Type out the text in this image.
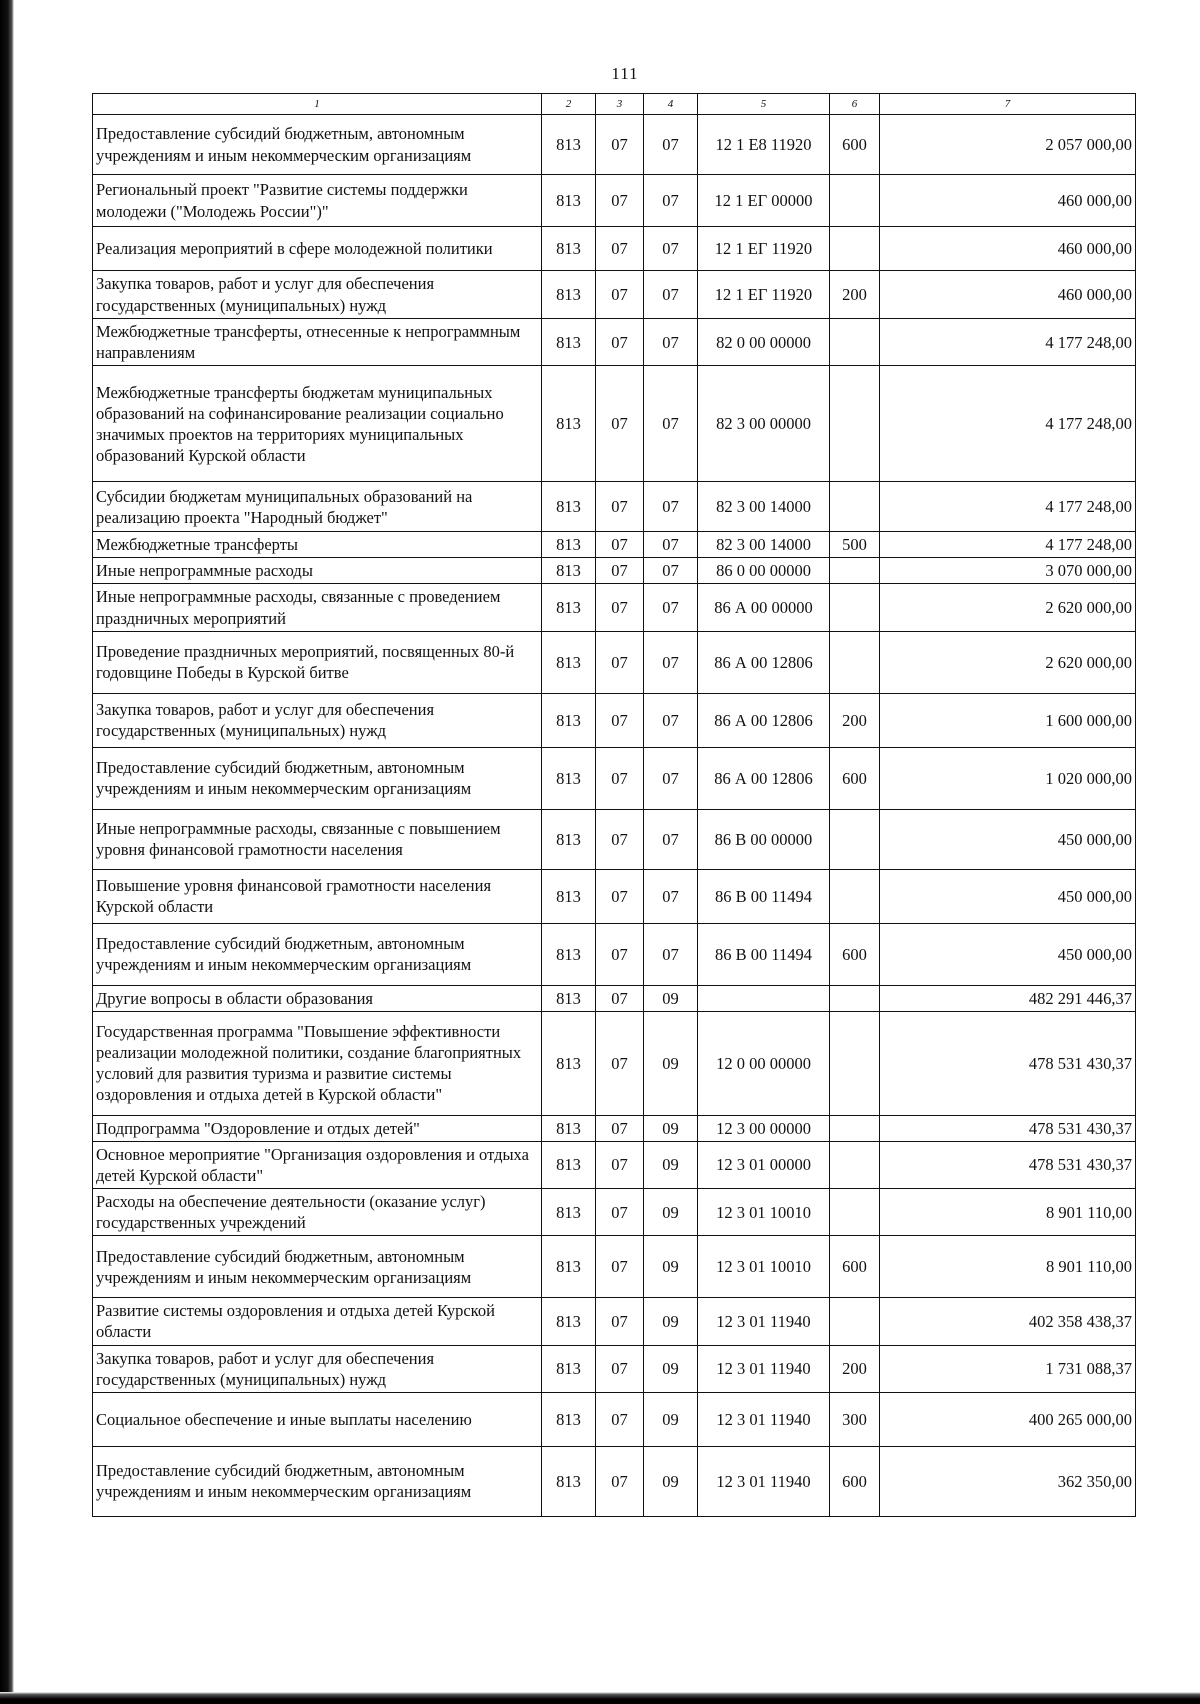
111
1	2	3	4	5	6	7
Предоставление субсидий бюджетным, автономным учреждениям и иным некоммерческим организациям	813	07	07	12 1 Е8 11920	600	2 057 000,00
Региональный проект "Развитие системы поддержки молодежи ("Молодежь России")"	813	07	07	12 1 ЕГ 00000		460 000,00
Реализация мероприятий в сфере молодежной политики	813	07	07	12 1 ЕГ 11920		460 000,00
Закупка товаров, работ и услуг для обеспечения государственных (муниципальных) нужд	813	07	07	12 1 ЕГ 11920	200	460 000,00
Межбюджетные трансферты, отнесенные к непрограммным направлениям	813	07	07	82 0 00 00000		4 177 248,00
Межбюджетные трансферты бюджетам муниципальных образований на софинансирование реализации социально значимых проектов на территориях муниципальных образований Курской области	813	07	07	82 3 00 00000		4 177 248,00
Субсидии бюджетам муниципальных образований на реализацию проекта "Народный бюджет"	813	07	07	82 3 00 14000		4 177 248,00
Межбюджетные трансферты	813	07	07	82 3 00 14000	500	4 177 248,00
Иные непрограммные расходы	813	07	07	86 0 00 00000		3 070 000,00
Иные непрограммные расходы, связанные с проведением праздничных мероприятий	813	07	07	86 А 00 00000		2 620 000,00
Проведение праздничных мероприятий, посвященных 80-й годовщине Победы в Курской битве	813	07	07	86 А 00 12806		2 620 000,00
Закупка товаров, работ и услуг для обеспечения государственных (муниципальных) нужд	813	07	07	86 А 00 12806	200	1 600 000,00
Предоставление субсидий бюджетным, автономным учреждениям и иным некоммерческим организациям	813	07	07	86 А 00 12806	600	1 020 000,00
Иные непрограммные расходы, связанные с повышением уровня финансовой грамотности населения	813	07	07	86 В 00 00000		450 000,00
Повышение уровня финансовой грамотности населения Курской области	813	07	07	86 В 00 11494		450 000,00
Предоставление субсидий бюджетным, автономным учреждениям и иным некоммерческим организациям	813	07	07	86 В 00 11494	600	450 000,00
Другие вопросы в области образования	813	07	09			482 291 446,37
Государственная программа "Повышение эффективности реализации молодежной политики, создание благоприятных условий для развития туризма и развитие системы оздоровления и отдыха детей в Курской области"	813	07	09	12 0 00 00000		478 531 430,37
Подпрограмма "Оздоровление и отдых детей"	813	07	09	12 3 00 00000		478 531 430,37
Основное мероприятие "Организация оздоровления и отдыха детей Курской области"	813	07	09	12 3 01 00000		478 531 430,37
Расходы на обеспечение деятельности (оказание услуг) государственных учреждений	813	07	09	12 3 01 10010		8 901 110,00
Предоставление субсидий бюджетным, автономным учреждениям и иным некоммерческим организациям	813	07	09	12 3 01 10010	600	8 901 110,00
Развитие системы оздоровления и отдыха детей Курской области	813	07	09	12 3 01 11940		402 358 438,37
Закупка товаров, работ и услуг для обеспечения государственных (муниципальных) нужд	813	07	09	12 3 01 11940	200	1 731 088,37
Социальное обеспечение и иные выплаты населению	813	07	09	12 3 01 11940	300	400 265 000,00
Предоставление субсидий бюджетным, автономным учреждениям и иным некоммерческим организациям	813	07	09	12 3 01 11940	600	362 350,00
